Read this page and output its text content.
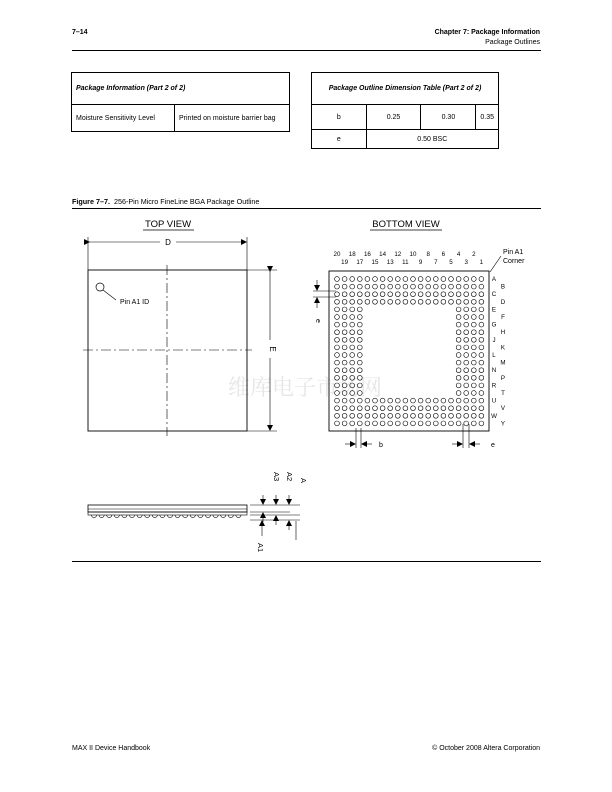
7–14	Chapter 7: Package Information
Package Outlines
Package Information (Part 2 of 2)
Moisture Sensitivity Level	Printed on moisture barrier bag
Package Outline Dimension Table (Part 2 of 2)			
b	0.25	0.30	0.35
e	0.50 BSC		
Figure 7–7. 256-Pin Micro FineLine BGA Package Outline
维库电子市场网
TOP VIEW
D
Pin A1 ID
E
BOTTOM VIEW
Pin A1
Corner
20 18 16 14 12 10 8 6 4 2
19 17 15 13 11 9 7 5 3 1
A
B
C
D
E
F
G
H
J
K
L
M
N
P
R
T
U
V
W
Y
e
b	e
A
A2
A3
A1
MAX II Device Handbook	© October 2008 Altera Corporation
